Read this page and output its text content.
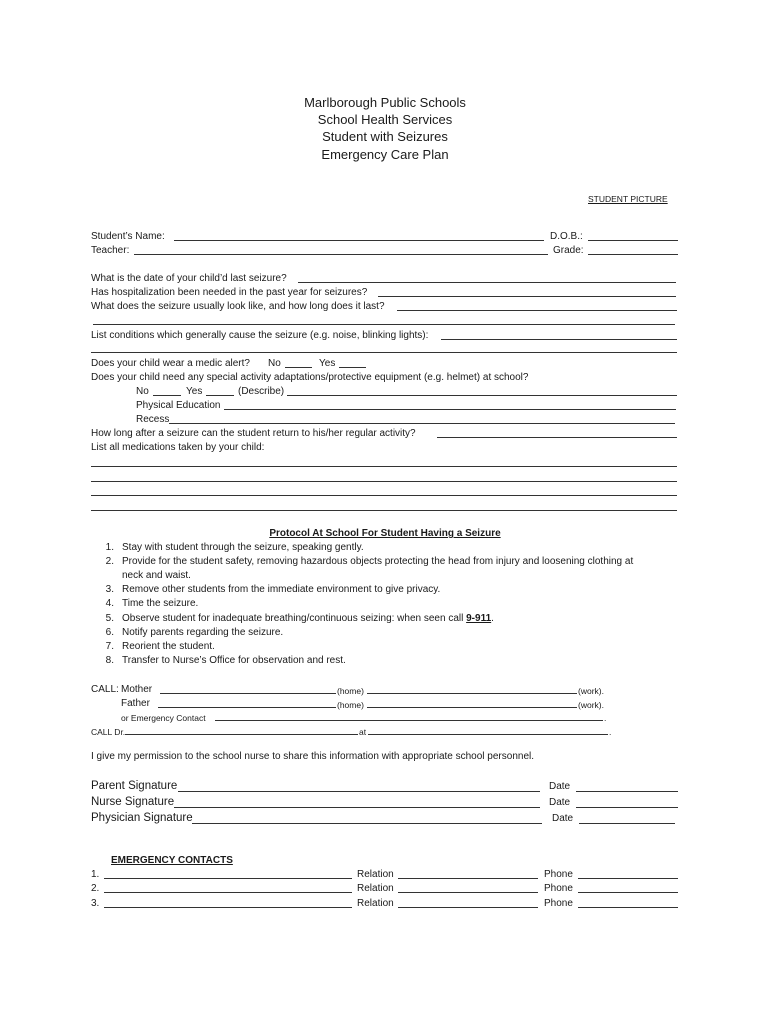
Marlborough Public Schools
School Health Services
Student with Seizures
Emergency Care Plan
STUDENT PICTURE
Student’s Name:	D.O.B.:
Teacher:	Grade:
What is the date of your child’d last seizure?
Has hospitalization been needed in the past year for seizures?
What does the seizure usually look like, and how long does it last?
List conditions which generally cause the seizure (e.g. noise, blinking lights):
Does your child wear a medic alert? No	Yes
Does your child need any special activity adaptations/protective equipment (e.g. helmet) at school?
No	Yes	(Describe)
Physical Education
Recess
How long after a seizure can the student return to his/her regular activity?
List all medications taken by your child:
Protocol At School For Student Having a Seizure
1. Stay with student through the seizure, speaking gently.
2. Provide for the student safety, removing hazardous objects protecting the head from injury and loosening clothing at
neck and waist.
3. Remove other students from the immediate environment to give privacy.
4. Time the seizure.
5. Observe student for inadequate breathing/continuous seizing: when seen call 9-911.
6. Notify parents regarding the seizure.
7. Reorient the student.
8. Transfer to Nurse’s Office for observation and rest.
CALL: Mother	(home)	(work).
Father	(home)	(work).
or Emergency Contact	.
CALL Dr.	at	.
I give my permission to the school nurse to share this information with appropriate school personnel.
Parent Signature	Date
Nurse Signature	Date
Physician Signature	Date
EMERGENCY CONTACTS
1.	Relation	Phone
2.	Relation	Phone
3.	Relation	Phone
